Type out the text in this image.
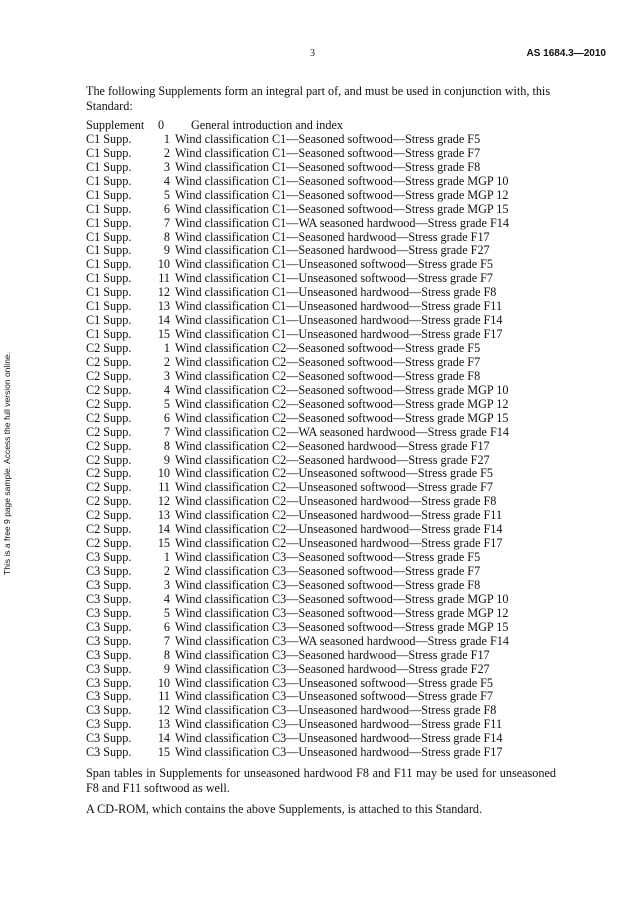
3	AS 1684.3—2010
This is a free 9 page sample. Access the full version online.

The following Supplements form an integral part of, and must be used in conjunction with, this Standard:

Supplement	0	General introduction and index
C1 Supp.	1 Wind classification C1—Seasoned softwood—Stress grade F5
C1 Supp.	2 Wind classification C1—Seasoned softwood—Stress grade F7
C1 Supp.	3 Wind classification C1—Seasoned softwood—Stress grade F8
C1 Supp.	4 Wind classification C1—Seasoned softwood—Stress grade MGP 10
C1 Supp.	5 Wind classification C1—Seasoned softwood—Stress grade MGP 12
C1 Supp.	6 Wind classification C1—Seasoned softwood—Stress grade MGP 15
C1 Supp.	7 Wind classification C1—WA seasoned hardwood—Stress grade F14
C1 Supp.	8 Wind classification C1—Seasoned hardwood—Stress grade F17
C1 Supp.	9 Wind classification C1—Seasoned hardwood—Stress grade F27
C1 Supp.	10 Wind classification C1—Unseasoned softwood—Stress grade F5
C1 Supp.	11 Wind classification C1—Unseasoned softwood—Stress grade F7
C1 Supp.	12 Wind classification C1—Unseasoned hardwood—Stress grade F8
C1 Supp.	13 Wind classification C1—Unseasoned hardwood—Stress grade F11
C1 Supp.	14 Wind classification C1—Unseasoned hardwood—Stress grade F14
C1 Supp.	15 Wind classification C1—Unseasoned hardwood—Stress grade F17
C2 Supp.	1 Wind classification C2—Seasoned softwood—Stress grade F5
C2 Supp.	2 Wind classification C2—Seasoned softwood—Stress grade F7
C2 Supp.	3 Wind classification C2—Seasoned softwood—Stress grade F8
C2 Supp.	4 Wind classification C2—Seasoned softwood—Stress grade MGP 10
C2 Supp.	5 Wind classification C2—Seasoned softwood—Stress grade MGP 12
C2 Supp.	6 Wind classification C2—Seasoned softwood—Stress grade MGP 15
C2 Supp.	7 Wind classification C2—WA seasoned hardwood—Stress grade F14
C2 Supp.	8 Wind classification C2—Seasoned hardwood—Stress grade F17
C2 Supp.	9 Wind classification C2—Seasoned hardwood—Stress grade F27
C2 Supp.	10 Wind classification C2—Unseasoned softwood—Stress grade F5
C2 Supp.	11 Wind classification C2—Unseasoned softwood—Stress grade F7
C2 Supp.	12 Wind classification C2—Unseasoned hardwood—Stress grade F8
C2 Supp.	13 Wind classification C2—Unseasoned hardwood—Stress grade F11
C2 Supp.	14 Wind classification C2—Unseasoned hardwood—Stress grade F14
C2 Supp.	15 Wind classification C2—Unseasoned hardwood—Stress grade F17
C3 Supp.	1 Wind classification C3—Seasoned softwood—Stress grade F5
C3 Supp.	2 Wind classification C3—Seasoned softwood—Stress grade F7
C3 Supp.	3 Wind classification C3—Seasoned softwood—Stress grade F8
C3 Supp.	4 Wind classification C3—Seasoned softwood—Stress grade MGP 10
C3 Supp.	5 Wind classification C3—Seasoned softwood—Stress grade MGP 12
C3 Supp.	6 Wind classification C3—Seasoned softwood—Stress grade MGP 15
C3 Supp.	7 Wind classification C3—WA seasoned hardwood—Stress grade F14
C3 Supp.	8 Wind classification C3—Seasoned hardwood—Stress grade F17
C3 Supp.	9 Wind classification C3—Seasoned hardwood—Stress grade F27
C3 Supp.	10 Wind classification C3—Unseasoned softwood—Stress grade F5
C3 Supp.	11 Wind classification C3—Unseasoned softwood—Stress grade F7
C3 Supp.	12 Wind classification C3—Unseasoned hardwood—Stress grade F8
C3 Supp.	13 Wind classification C3—Unseasoned hardwood—Stress grade F11
C3 Supp.	14 Wind classification C3—Unseasoned hardwood—Stress grade F14
C3 Supp.	15 Wind classification C3—Unseasoned hardwood—Stress grade F17

Span tables in Supplements for unseasoned hardwood F8 and F11 may be used for unseasoned F8 and F11 softwood as well.

A CD-ROM, which contains the above Supplements, is attached to this Standard.
